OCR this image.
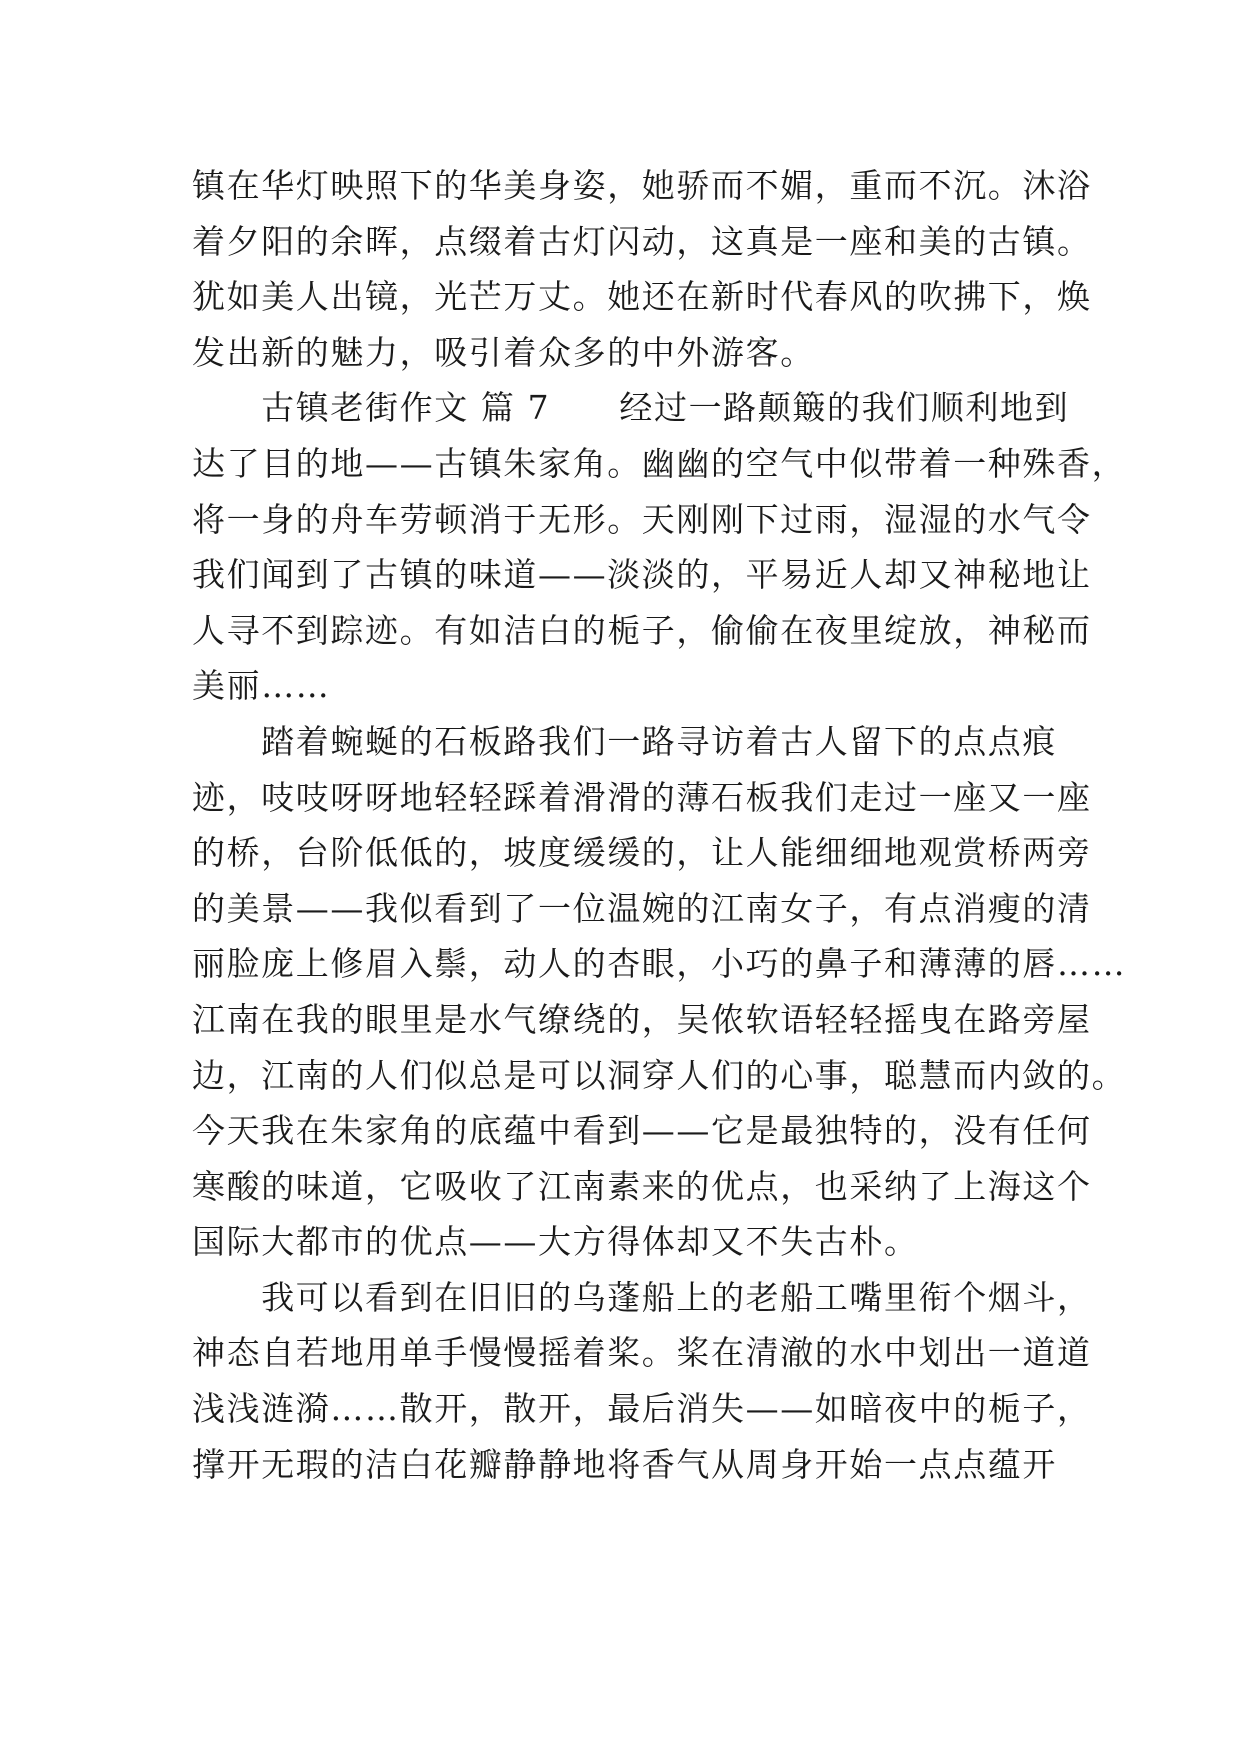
镇在华灯映照下的华美身姿，她骄而不媚，重而不沉。沐浴
着夕阳的余晖，点缀着古灯闪动，这真是一座和美的古镇。
犹如美人出镜，光芒万丈。她还在新时代春风的吹拂下，焕
发出新的魅力，吸引着众多的中外游客。
　　古镇老街作文 篇 7　　经过一路颠簸的我们顺利地到
达了目的地——古镇朱家角。幽幽的空气中似带着一种殊香，
将一身的舟车劳顿消于无形。天刚刚下过雨，湿湿的水气令
我们闻到了古镇的味道——淡淡的，平易近人却又神秘地让
人寻不到踪迹。有如洁白的栀子，偷偷在夜里绽放，神秘而
美丽……
　　踏着蜿蜒的石板路我们一路寻访着古人留下的点点痕
迹，吱吱呀呀地轻轻踩着滑滑的薄石板我们走过一座又一座
的桥，台阶低低的，坡度缓缓的，让人能细细地观赏桥两旁
的美景——我似看到了一位温婉的江南女子，有点消瘦的清
丽脸庞上修眉入鬃，动人的杏眼，小巧的鼻子和薄薄的唇……
江南在我的眼里是水气缭绕的，吴侬软语轻轻摇曳在路旁屋
边，江南的人们似总是可以洞穿人们的心事，聪慧而内敛的。
今天我在朱家角的底蕴中看到——它是最独特的，没有任何
寒酸的味道，它吸收了江南素来的优点，也采纳了上海这个
国际大都市的优点——大方得体却又不失古朴。
　　我可以看到在旧旧的乌蓬船上的老船工嘴里衔个烟斗，
神态自若地用单手慢慢摇着桨。桨在清澈的水中划出一道道
浅浅涟漪……散开，散开，最后消失——如暗夜中的栀子，
撑开无瑕的洁白花瓣静静地将香气从周身开始一点点蕴开
